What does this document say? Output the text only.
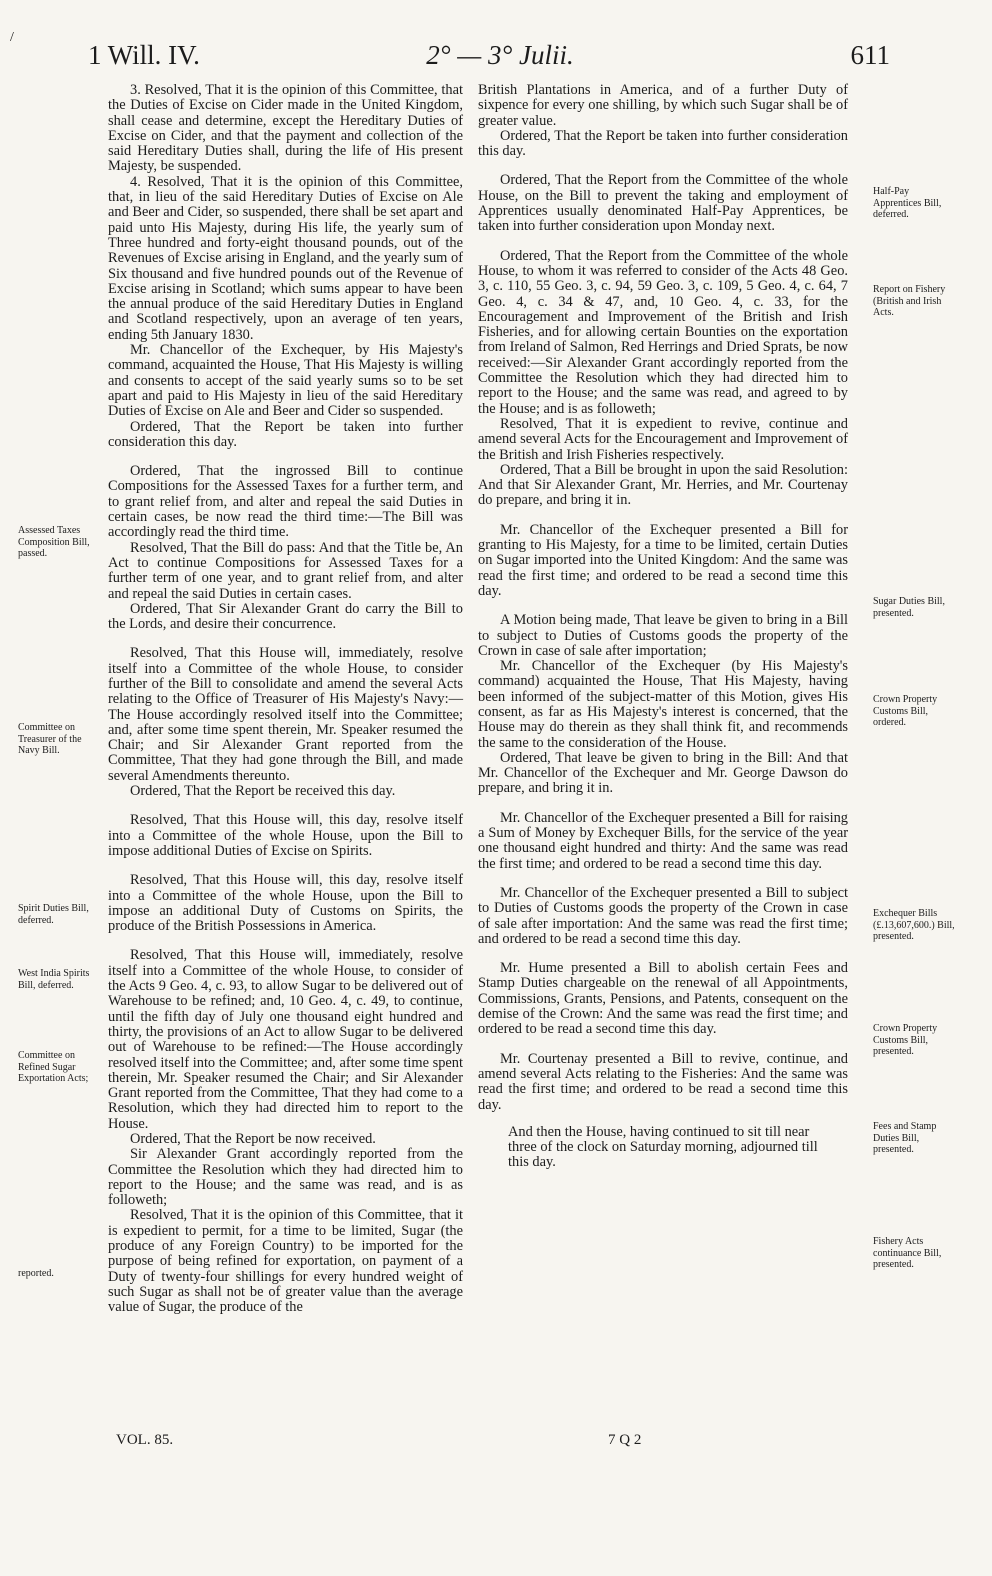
/
1 Will. IV.	2° — 3° Julii.	611

3. Resolved, That it is the opinion of this Committee, that the Duties of Excise on Cider made in the United Kingdom, shall cease and determine, except the Hereditary Duties of Excise on Cider, and that the payment and collection of the said Hereditary Duties shall, during the life of His present Majesty, be suspended.

4. Resolved, That it is the opinion of this Committee, that, in lieu of the said Hereditary Duties of Excise on Ale and Beer and Cider, so suspended, there shall be set apart and paid unto His Majesty, during His life, the yearly sum of Three hundred and forty-eight thousand pounds, out of the Revenues of Excise arising in England, and the yearly sum of Six thousand and five hundred pounds out of the Revenue of Excise arising in Scotland; which sums appear to have been the annual produce of the said Hereditary Duties in England and Scotland respectively, upon an average of ten years, ending 5th January 1830.

Mr. Chancellor of the Exchequer, by His Majesty's command, acquainted the House, That His Majesty is willing and consents to accept of the said yearly sums so to be set apart and paid to His Majesty in lieu of the said Hereditary Duties of Excise on Ale and Beer and Cider so suspended.

Ordered, That the Report be taken into further consideration this day.

Ordered, That the ingrossed Bill to continue Compositions for the Assessed Taxes for a further term, and to grant relief from, and alter and repeal the said Duties in certain cases, be now read the third time:—The Bill was accordingly read the third time.

Resolved, That the Bill do pass: And that the Title be, An Act to continue Compositions for Assessed Taxes for a further term of one year, and to grant relief from, and alter and repeal the said Duties in certain cases.

Ordered, That Sir Alexander Grant do carry the Bill to the Lords, and desire their concurrence.

Resolved, That this House will, immediately, resolve itself into a Committee of the whole House, to consider further of the Bill to consolidate and amend the several Acts relating to the Office of Treasurer of His Majesty's Navy:—The House accordingly resolved itself into the Committee; and, after some time spent therein, Mr. Speaker resumed the Chair; and Sir Alexander Grant reported from the Committee, That they had gone through the Bill, and made several Amendments thereunto.

Ordered, That the Report be received this day.

Resolved, That this House will, this day, resolve itself into a Committee of the whole House, upon the Bill to impose additional Duties of Excise on Spirits.

Resolved, That this House will, this day, resolve itself into a Committee of the whole House, upon the Bill to impose an additional Duty of Customs on Spirits, the produce of the British Possessions in America.

Resolved, That this House will, immediately, resolve itself into a Committee of the whole House, to consider of the Acts 9 Geo. 4, c. 93, to allow Sugar to be delivered out of Warehouse to be refined; and, 10 Geo. 4, c. 49, to continue, until the fifth day of July one thousand eight hundred and thirty, the provisions of an Act to allow Sugar to be delivered out of Warehouse to be refined:—The House accordingly resolved itself into the Committee; and, after some time spent therein, Mr. Speaker resumed the Chair; and Sir Alexander Grant reported from the Committee, That they had come to a Resolution, which they had directed him to report to the House.

Ordered, That the Report be now received.

Sir Alexander Grant accordingly reported from the Committee the Resolution which they had directed him to report to the House; and the same was read, and is as followeth;

Resolved, That it is the opinion of this Committee, that it is expedient to permit, for a time to be limited, Sugar (the produce of any Foreign Country) to be imported for the purpose of being refined for exportation, on payment of a Duty of twenty-four shillings for every hundred weight of such Sugar as shall not be of greater value than the average value of Sugar, the produce of the

British Plantations in America, and of a further Duty of sixpence for every one shilling, by which such Sugar shall be of greater value.

Ordered, That the Report be taken into further consideration this day.

Ordered, That the Report from the Committee of the whole House, on the Bill to prevent the taking and employment of Apprentices usually denominated Half-Pay Apprentices, be taken into further consideration upon Monday next.

Ordered, That the Report from the Committee of the whole House, to whom it was referred to consider of the Acts 48 Geo. 3, c. 110, 55 Geo. 3, c. 94, 59 Geo. 3, c. 109, 5 Geo. 4, c. 64, 7 Geo. 4, c. 34 & 47, and, 10 Geo. 4, c. 33, for the Encouragement and Improvement of the British and Irish Fisheries, and for allowing certain Bounties on the exportation from Ireland of Salmon, Red Herrings and Dried Sprats, be now received:—Sir Alexander Grant accordingly reported from the Committee the Resolution which they had directed him to report to the House; and the same was read, and agreed to by the House; and is as followeth;

Resolved, That it is expedient to revive, continue and amend several Acts for the Encouragement and Improvement of the British and Irish Fisheries respectively.

Ordered, That a Bill be brought in upon the said Resolution: And that Sir Alexander Grant, Mr. Herries, and Mr. Courtenay do prepare, and bring it in.

Mr. Chancellor of the Exchequer presented a Bill for granting to His Majesty, for a time to be limited, certain Duties on Sugar imported into the United Kingdom: And the same was read the first time; and ordered to be read a second time this day.

A Motion being made, That leave be given to bring in a Bill to subject to Duties of Customs goods the property of the Crown in case of sale after importation;

Mr. Chancellor of the Exchequer (by His Majesty's command) acquainted the House, That His Majesty, having been informed of the subject-matter of this Motion, gives His consent, as far as His Majesty's interest is concerned, that the House may do therein as they shall think fit, and recommends the same to the consideration of the House.

Ordered, That leave be given to bring in the Bill: And that Mr. Chancellor of the Exchequer and Mr. George Dawson do prepare, and bring it in.

Mr. Chancellor of the Exchequer presented a Bill for raising a Sum of Money by Exchequer Bills, for the service of the year one thousand eight hundred and thirty: And the same was read the first time; and ordered to be read a second time this day.

Mr. Chancellor of the Exchequer presented a Bill to subject to Duties of Customs goods the property of the Crown in case of sale after importation: And the same was read the first time; and ordered to be read a second time this day.

Mr. Hume presented a Bill to abolish certain Fees and Stamp Duties chargeable on the renewal of all Appointments, Commissions, Grants, Pensions, and Patents, consequent on the demise of the Crown: And the same was read the first time; and ordered to be read a second time this day.

Mr. Courtenay presented a Bill to revive, continue, and amend several Acts relating to the Fisheries: And the same was read the first time; and ordered to be read a second time this day.

And then the House, having continued to sit till near three of the clock on Saturday morning, adjourned till this day.

Assessed Taxes Composition Bill, passed.
Committee on Treasurer of the Navy Bill.
Spirit Duties Bill, deferred.
West India Spirits Bill, deferred.
Committee on Refined Sugar Exportation Acts;
reported.
Half-Pay Apprentices Bill, deferred.
Report on Fishery (British and Irish Acts.
Sugar Duties Bill, presented.
Crown Property Customs Bill, ordered.
Exchequer Bills (£.13,607,600.) Bill, presented.
Crown Property Customs Bill, presented.
Fees and Stamp Duties Bill, presented.
Fishery Acts continuance Bill, presented.
VOL. 85.	7 Q 2
